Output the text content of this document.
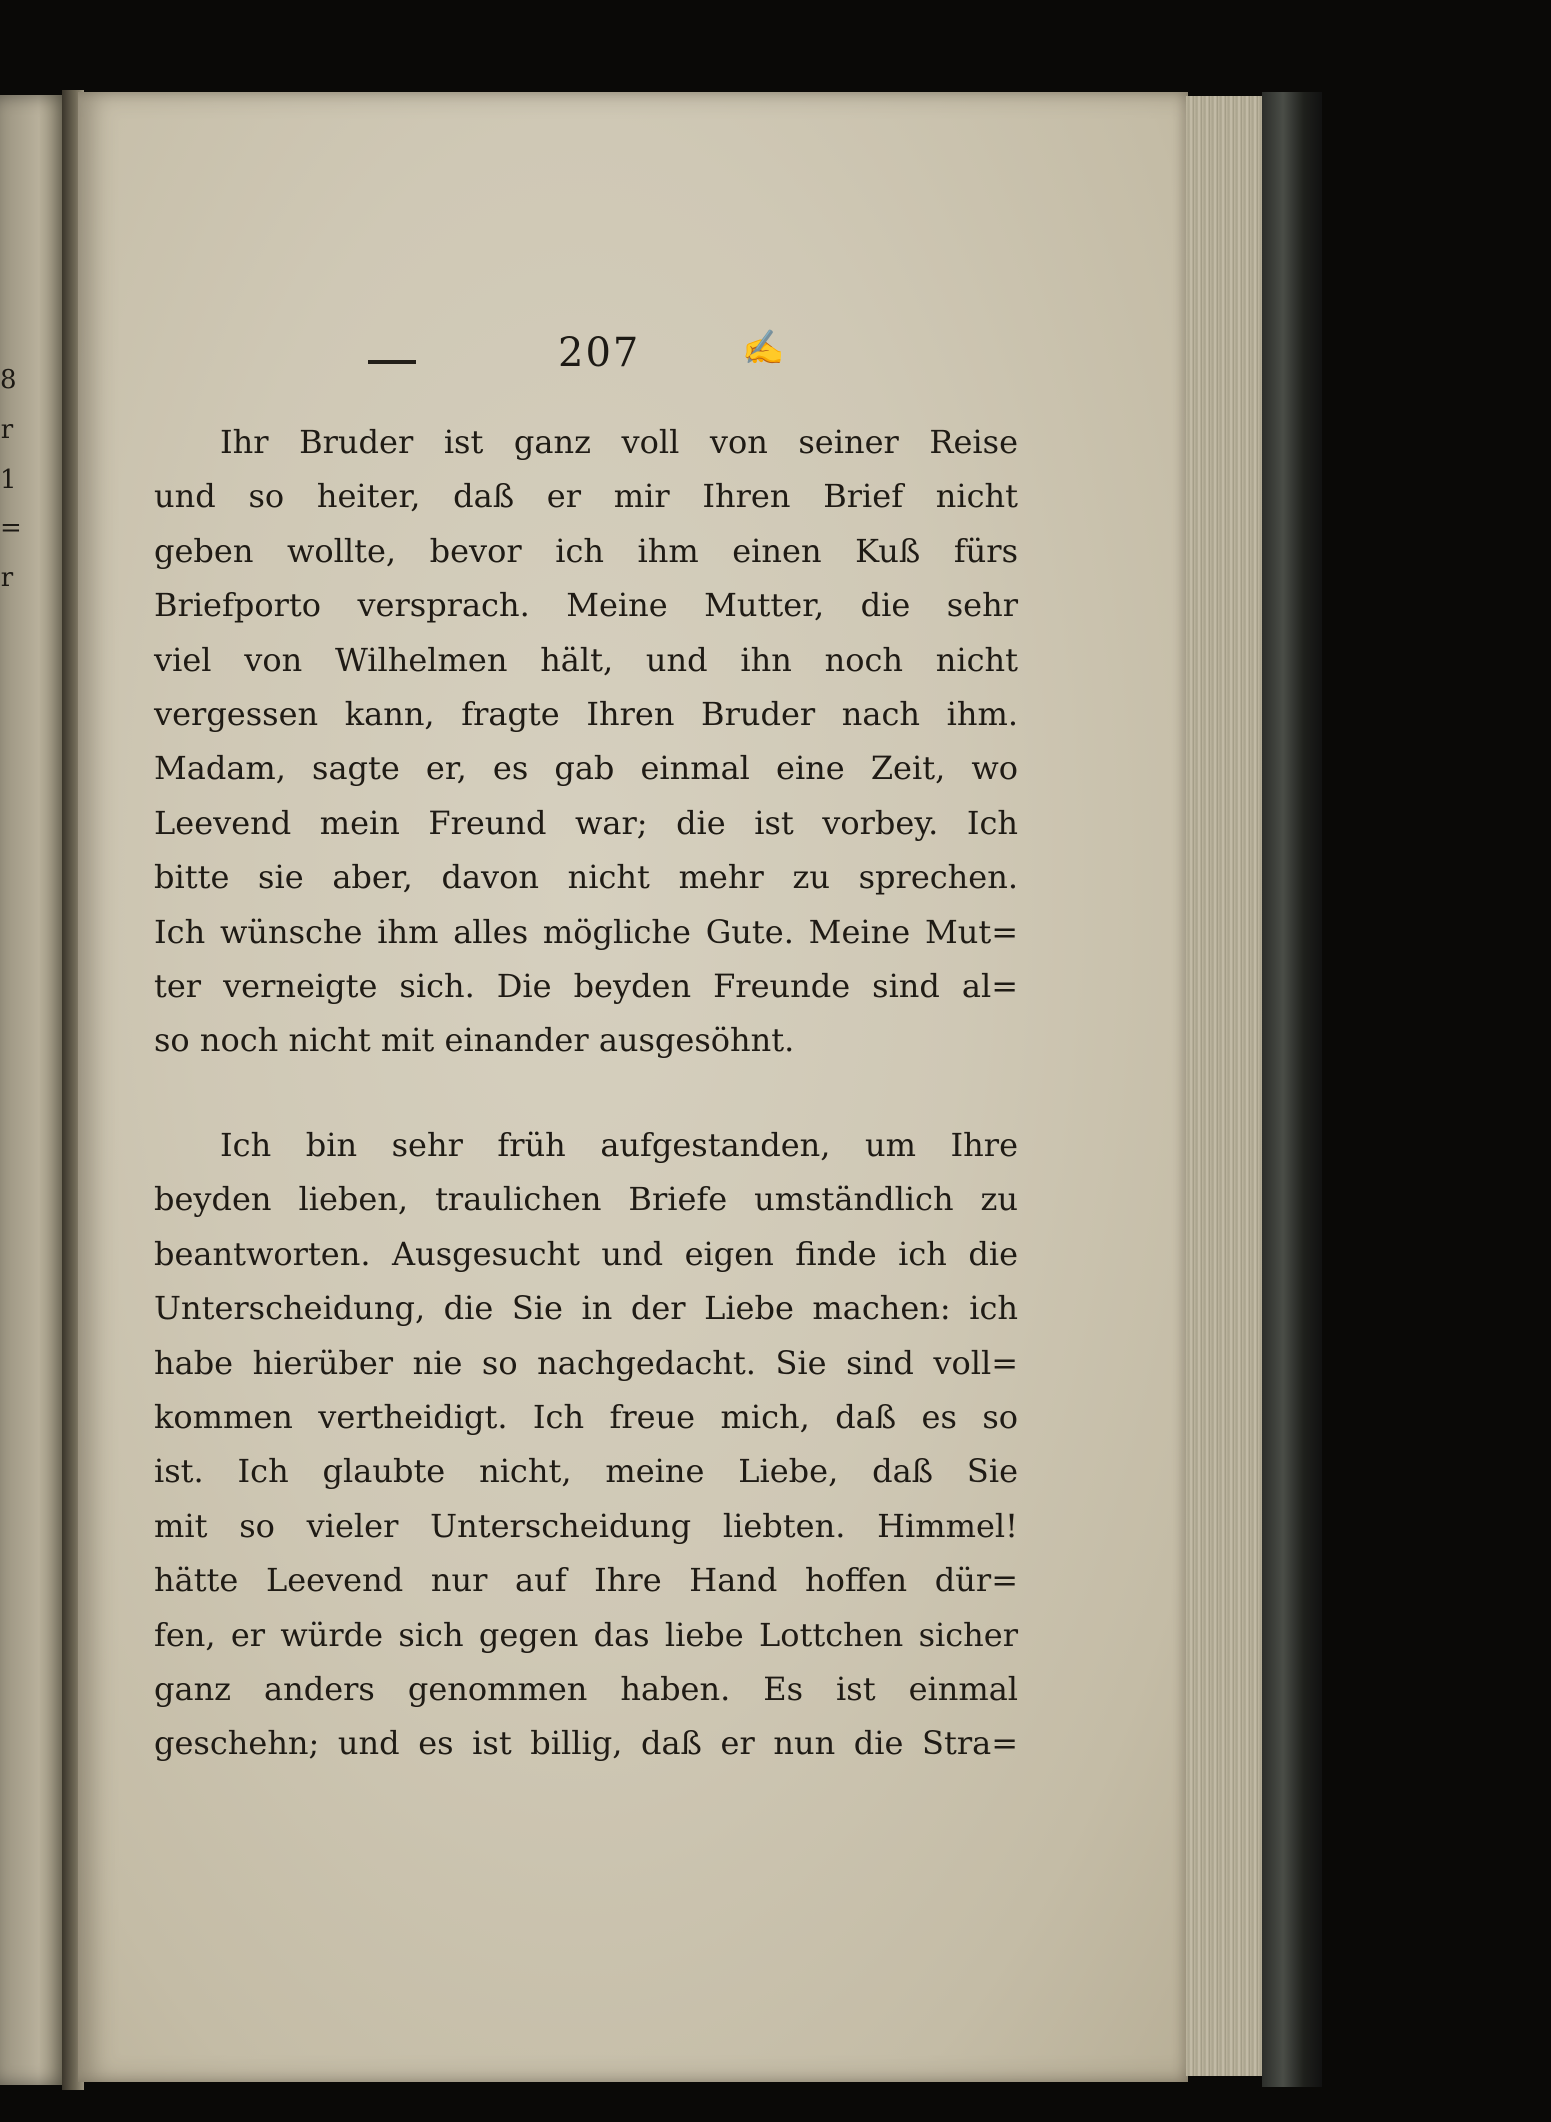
8
r
1
=
r
207	✍
Ihr Bruder ist ganz voll von seiner Reise
und so heiter, daß er mir Ihren Brief nicht
geben wollte, bevor ich ihm einen Kuß fürs
Briefporto versprach. Meine Mutter, die sehr
viel von Wilhelmen hält, und ihn noch nicht
vergessen kann, fragte Ihren Bruder nach ihm.
Madam, sagte er, es gab einmal eine Zeit, wo
Leevend mein Freund war; die ist vorbey. Ich
bitte sie aber, davon nicht mehr zu sprechen.
Ich wünsche ihm alles mögliche Gute. Meine Mut=
ter verneigte sich. Die beyden Freunde sind al=
so noch nicht mit einander ausgesöhnt.
Ich bin sehr früh aufgestanden, um Ihre
beyden lieben, traulichen Briefe umständlich zu
beantworten. Ausgesucht und eigen finde ich die
Unterscheidung, die Sie in der Liebe machen: ich
habe hierüber nie so nachgedacht. Sie sind voll=
kommen vertheidigt. Ich freue mich, daß es so
ist. Ich glaubte nicht, meine Liebe, daß Sie
mit so vieler Unterscheidung liebten. Himmel!
hätte Leevend nur auf Ihre Hand hoffen dür=
fen, er würde sich gegen das liebe Lottchen sicher
ganz anders genommen haben. Es ist einmal
geschehn; und es ist billig, daß er nun die Stra=
